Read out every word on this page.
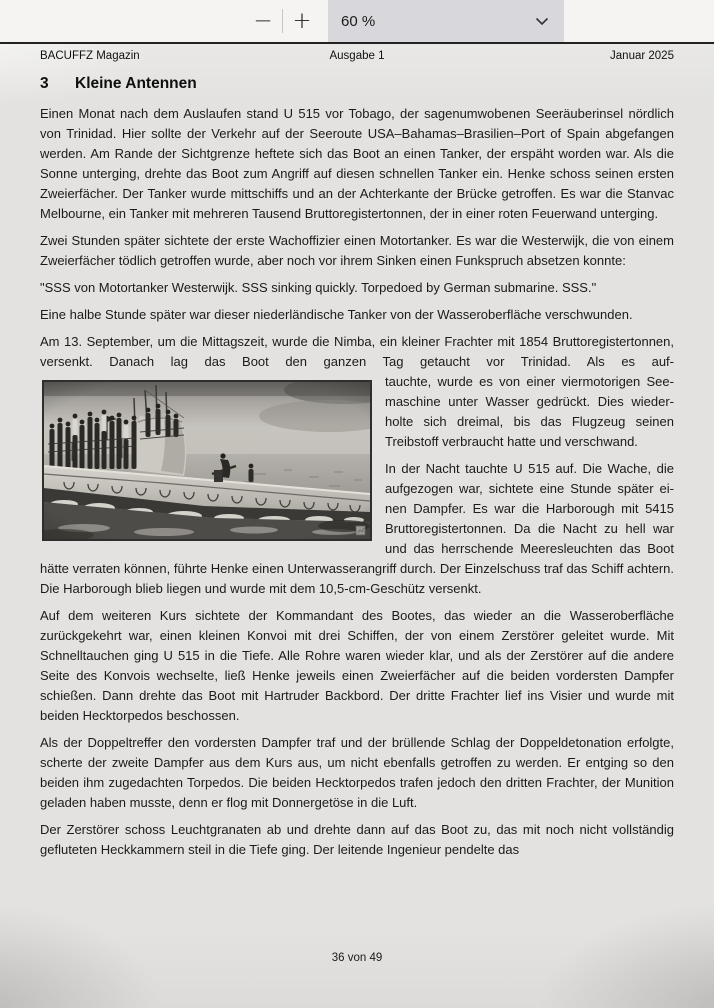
− +	60 %
BACUFFZ Magazin	Ausgabe 1	Januar 2025
3 Kleine Antennen

Einen Monat nach dem Auslaufen stand U 515 vor Tobago, der sagenumwobenen Seeräuberinsel nördlich von Trinidad. Hier sollte der Verkehr auf der Seeroute USA–Bahamas–Brasilien–Port of Spain abgefangen werden. Am Rande der Sichtgrenze heftete sich das Boot an einen Tanker, der erspäht worden war. Als die Sonne unterging, drehte das Boot zum Angriff auf diesen schnellen Tanker ein. Henke schoss seinen ersten Zweierfächer. Der Tanker wurde mittschiffs und an der Achterkante der Brücke getroffen. Es war die Stanvac Melbourne, ein Tanker mit mehreren Tausend Bruttoregistertonnen, der in einer roten Feuerwand unterging.

Zwei Stunden später sichtete der erste Wachoffizier einen Motortanker. Es war die Westerwijk, die von einem Zweierfächer tödlich getroffen wurde, aber noch vor ihrem Sinken einen Funkspruch absetzen konnte:

"SSS von Motortanker Westerwijk. SSS sinking quickly. Torpedoed by German submarine. SSS."

Eine halbe Stunde später war dieser niederländische Tanker von der Wasseroberfläche verschwunden.

Am 13. September, um die Mittagszeit, wurde die Nimba, ein kleiner Frachter mit 1854 Bruttoregistertonnen, versenkt. Danach lag das Boot den ganzen Tag getaucht vor Trinidad. Als es auf-

tauchte, wurde es von einer viermotorigen Seemaschine unter Wasser gedrückt. Dies wiederholte sich dreimal, bis das Flugzeug seinen Treibstoff verbraucht hatte und verschwand.

In der Nacht tauchte U 515 auf. Die Wache, die aufgezogen war, sichtete eine Stunde später einen Dampfer. Es war die Harborough mit 5415 Bruttoregistertonnen. Da die Nacht zu hell war und das herrschende Meeresleuchten das Boot hätte verraten können, führte Henke einen Unterwasserangriff durch. Der Einzelschuss traf das Schiff achtern. Die Harborough blieb liegen und wurde mit dem 10,5-cm-Geschütz versenkt.

Auf dem weiteren Kurs sichtete der Kommandant des Bootes, das wieder an die Wasseroberfläche zurückgekehrt war, einen kleinen Konvoi mit drei Schiffen, der von einem Zerstörer geleitet wurde. Mit Schnelltauchen ging U 515 in die Tiefe. Alle Rohre waren wieder klar, und als der Zerstörer auf die andere Seite des Konvois wechselte, ließ Henke jeweils einen Zweierfächer auf die beiden vordersten Dampfer schießen. Dann drehte das Boot mit Hartruder Backbord. Der dritte Frachter lief ins Visier und wurde mit beiden Hecktorpedos beschossen.

Als der Doppeltreffer den vordersten Dampfer traf und der brüllende Schlag der Doppeldetonation erfolgte, scherte der zweite Dampfer aus dem Kurs aus, um nicht ebenfalls getroffen zu werden. Er entging so den beiden ihm zugedachten Torpedos. Die beiden Hecktorpedos trafen jedoch den dritten Frachter, der Munition geladen haben musste, denn er flog mit Donnergetöse in die Luft.

Der Zerstörer schoss Leuchtgranaten ab und drehte dann auf das Boot zu, das mit noch nicht vollständig gefluteten Heckkammern steil in die Tiefe ging. Der leitende Ingenieur pendelte das

36 von 49
